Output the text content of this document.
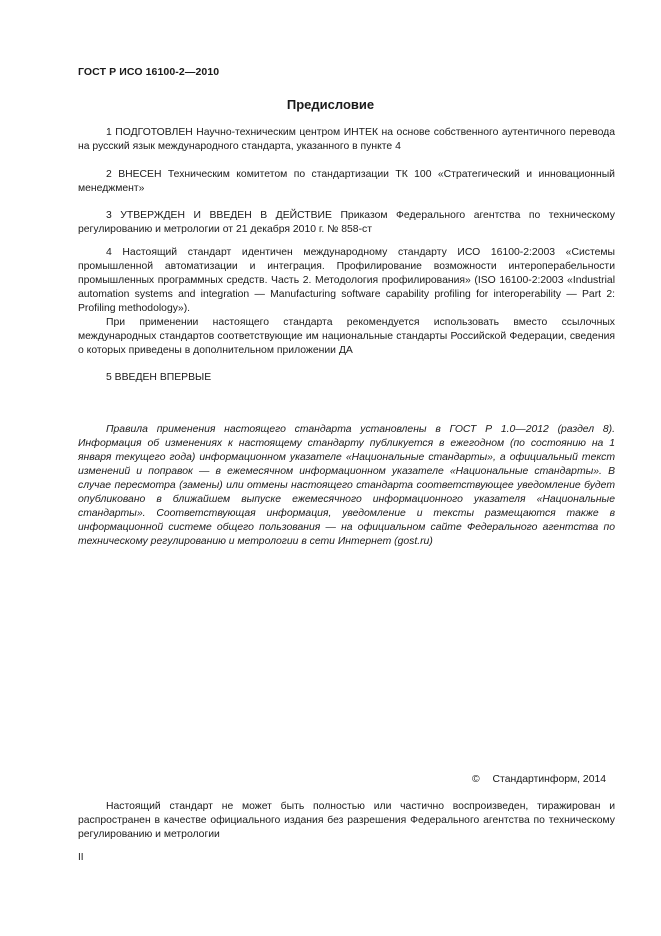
ГОСТ Р ИСО 16100-2—2010
Предисловие

1 ПОДГОТОВЛЕН Научно-техническим центром ИНТЕК на основе собственного аутентичного перевода на русский язык международного стандарта, указанного в пункте 4

2 ВНЕСЕН Техническим комитетом по стандартизации ТК 100 «Стратегический и инновационный менеджмент»

3 УТВЕРЖДЕН И ВВЕДЕН В ДЕЙСТВИЕ Приказом Федерального агентства по техническому регулированию и метрологии от 21 декабря 2010 г. № 858-ст

4 Настоящий стандарт идентичен международному стандарту ИСО 16100-2:2003 «Системы промышленной автоматизации и интеграция. Профилирование возможности интероперабельности промышленных программных средств. Часть 2. Методология профилирования» (ISO 16100-2:2003 «Industrial automation systems and integration — Manufacturing software capability profiling for interoperability — Part 2: Profiling methodology»).

При применении настоящего стандарта рекомендуется использовать вместо ссылочных международных стандартов соответствующие им национальные стандарты Российской Федерации, сведения о которых приведены в дополнительном приложении ДА

5 ВВЕДЕН ВПЕРВЫЕ

Правила применения настоящего стандарта установлены в ГОСТ Р 1.0—2012 (раздел 8). Информация об изменениях к настоящему стандарту публикуется в ежегодном (по состоянию на 1 января текущего года) информационном указателе «Национальные стандарты», а официальный текст изменений и поправок — в ежемесячном информационном указателе «Национальные стандарты». В случае пересмотра (замены) или отмены настоящего стандарта соответствующее уведомление будет опубликовано в ближайшем выпуске ежемесячного информационного указателя «Национальные стандарты». Соответствующая информация, уведомление и тексты размещаются также в информационной системе общего пользования — на официальном сайте Федерального агентства по техническому регулированию и метрологии в сети Интернет (gost.ru)

© Стандартинформ, 2014

Настоящий стандарт не может быть полностью или частично воспроизведен, тиражирован и распространен в качестве официального издания без разрешения Федерального агентства по техническому регулированию и метрологии

II
